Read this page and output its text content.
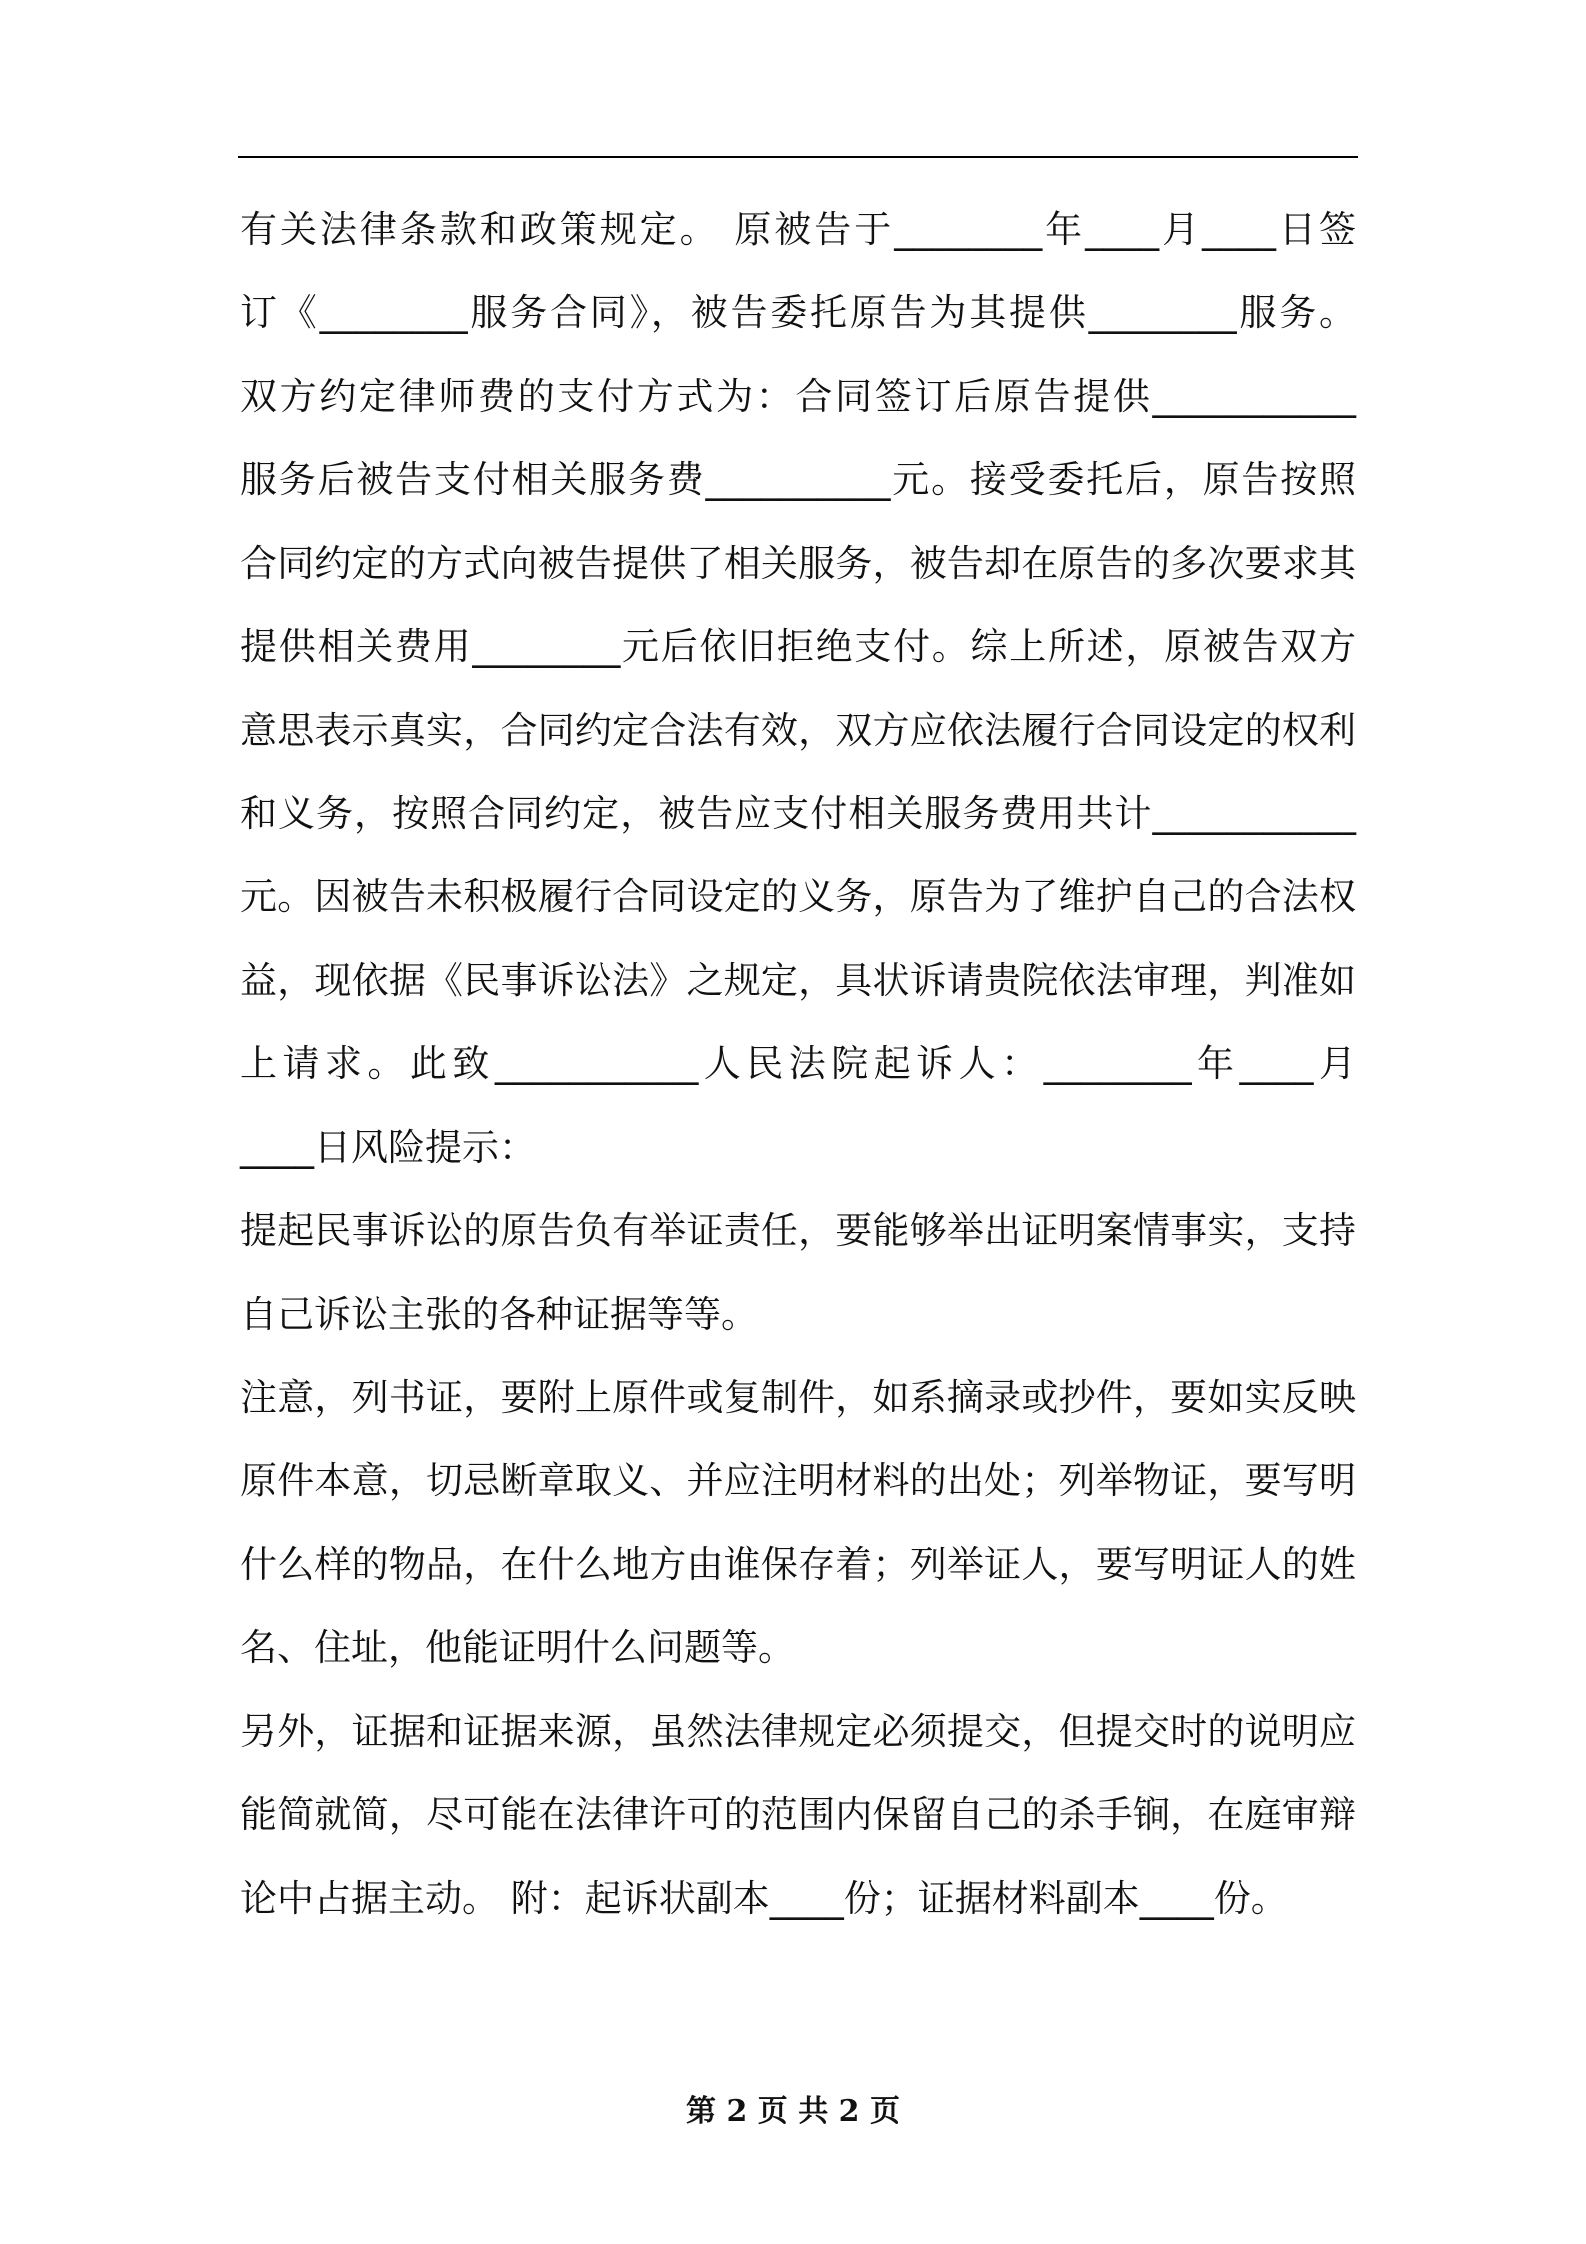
有关法律条款和政策规定。 原被告于________年____月____日签
订《________服务合同》，被告委托原告为其提供________服务。
双方约定律师费的支付方式为：合同签订后原告提供___________
服务后被告支付相关服务费__________元。接受委托后，原告按照
合同约定的方式向被告提供了相关服务，被告却在原告的多次要求其
提供相关费用________元后依旧拒绝支付。综上所述，原被告双方
意思表示真实，合同约定合法有效，双方应依法履行合同设定的权利
和义务，按照合同约定，被告应支付相关服务费用共计___________
元。因被告未积极履行合同设定的义务，原告为了维护自己的合法权
益，现依据《民事诉讼法》之规定，具状诉请贵院依法审理，判准如
上请求。此致___________人民法院起诉人：________年____月
____日风险提示：
提起民事诉讼的原告负有举证责任，要能够举出证明案情事实，支持
自己诉讼主张的各种证据等等。
注意，列书证，要附上原件或复制件，如系摘录或抄件，要如实反映
原件本意，切忌断章取义、并应注明材料的出处；列举物证，要写明
什么样的物品，在什么地方由谁保存着；列举证人，要写明证人的姓
名、住址，他能证明什么问题等。
另外，证据和证据来源，虽然法律规定必须提交，但提交时的说明应
能简就简，尽可能在法律许可的范围内保留自己的杀手锏，在庭审辩
论中占据主动。 附：起诉状副本____份；证据材料副本____份。
第 2 页 共 2 页
